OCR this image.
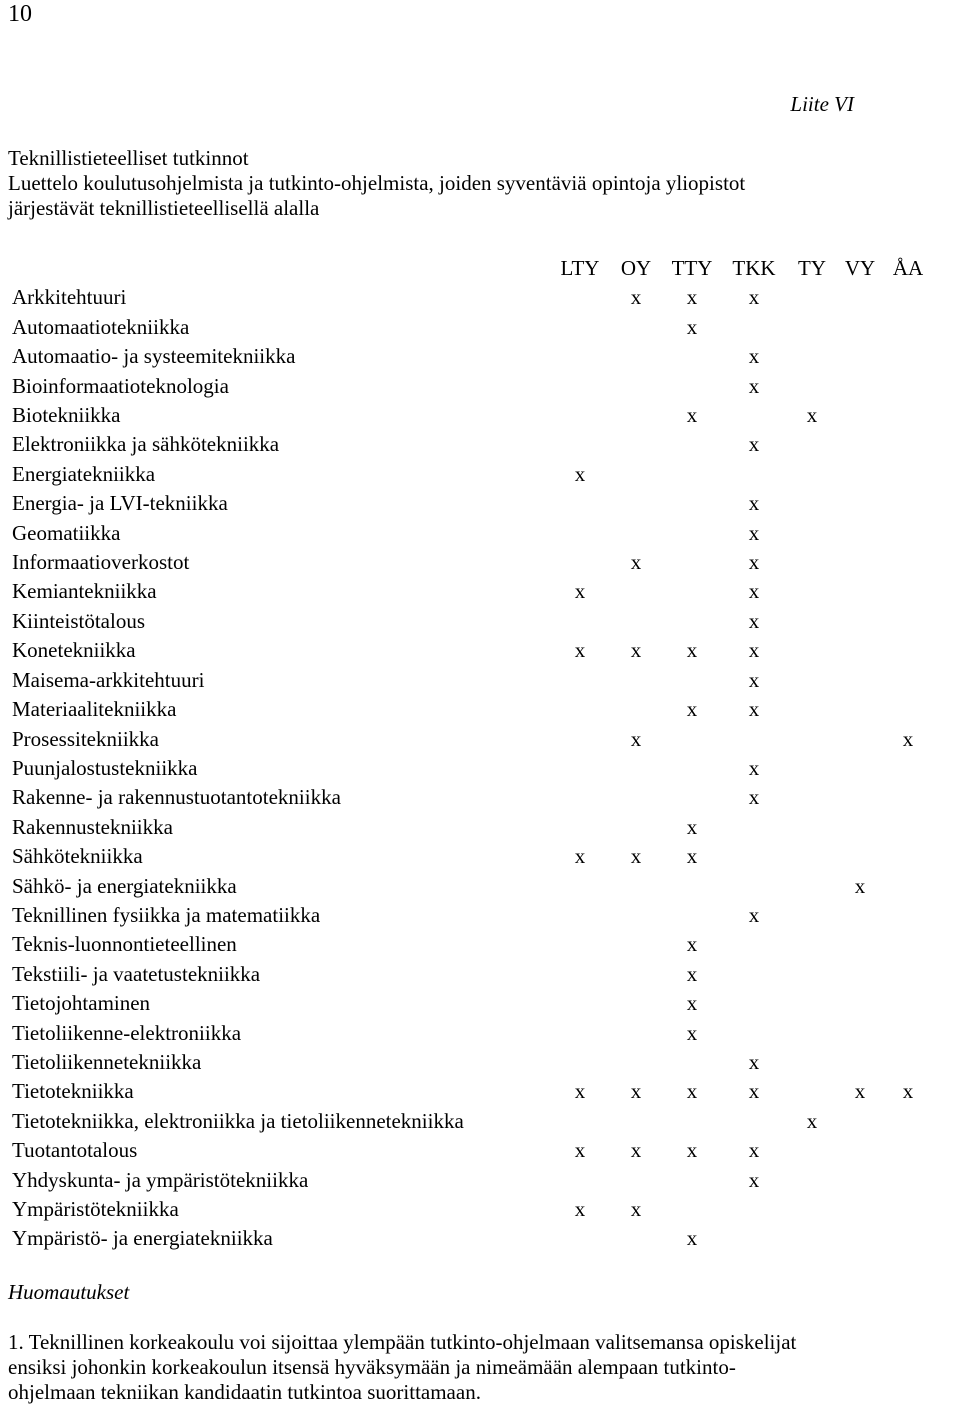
10
Liite VI
Teknillistieteelliset tutkinnot
Luettelo koulutusohjelmista ja tutkinto-ohjelmista, joiden syventäviä opintoja yliopistot
järjestävät teknillistieteellisellä alalla
	LTY	OY	TTY	TKK	TY	VY	ÅA
Arkkitehtuuri		x	x	x			
Automaatiotekniikka			x				
Automaatio- ja systeemitekniikka				x			
Bioinformaatioteknologia				x			
Biotekniikka			x		x		
Elektroniikka ja sähkötekniikka				x			
Energiatekniikka	x						
Energia- ja LVI-tekniikka				x			
Geomatiikka				x			
Informaatioverkostot		x		x			
Kemiantekniikka	x			x			
Kiinteistötalous				x			
Konetekniikka	x	x	x	x			
Maisema-arkkitehtuuri				x			
Materiaalitekniikka			x	x			
Prosessitekniikka		x					x
Puunjalostustekniikka				x			
Rakenne- ja rakennustuotantotekniikka				x			
Rakennustekniikka			x				
Sähkötekniikka	x	x	x				
Sähkö- ja energiatekniikka						x	
Teknillinen fysiikka ja matematiikka				x			
Teknis-luonnontieteellinen			x				
Tekstiili- ja vaatetustekniikka			x				
Tietojohtaminen			x				
Tietoliikenne-elektroniikka			x				
Tietoliikennetekniikka				x			
Tietotekniikka	x	x	x	x		x	x
Tietotekniikka, elektroniikka ja tietoliikennetekniikka					x		
Tuotantotalous	x	x	x	x			
Yhdyskunta- ja ympäristötekniikka				x			
Ympäristötekniikka	x	x					
Ympäristö- ja energiatekniikka			x				
Huomautukset
1. Teknillinen korkeakoulu voi sijoittaa ylempään tutkinto-ohjelmaan valitsemansa opiskelijat
ensiksi johonkin korkeakoulun itsensä hyväksymään ja nimeämään alempaan tutkinto-
ohjelmaan tekniikan kandidaatin tutkintoa suorittamaan.
